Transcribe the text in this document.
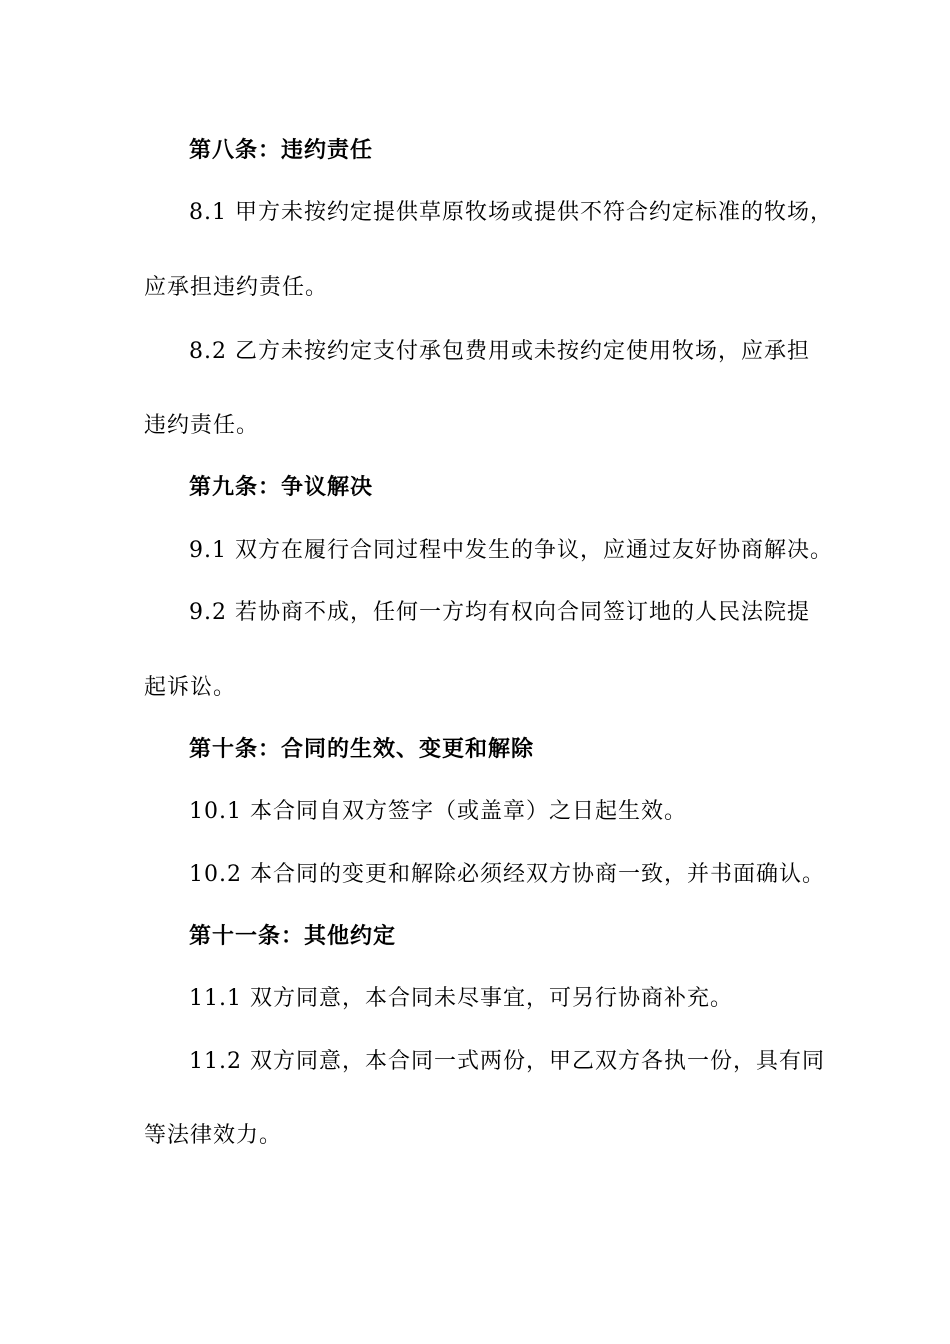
第八条：违约责任
8.1 甲方未按约定提供草原牧场或提供不符合约定标准的牧场，
应承担违约责任。
8.2 乙方未按约定支付承包费用或未按约定使用牧场，应承担
违约责任。
第九条：争议解决
9.1 双方在履行合同过程中发生的争议，应通过友好协商解决。
9.2 若协商不成，任何一方均有权向合同签订地的人民法院提
起诉讼。
第十条：合同的生效、变更和解除
10.1 本合同自双方签字（或盖章）之日起生效。
10.2 本合同的变更和解除必须经双方协商一致，并书面确认。
第十一条：其他约定
11.1 双方同意，本合同未尽事宜，可另行协商补充。
11.2 双方同意，本合同一式两份，甲乙双方各执一份，具有同
等法律效力。
